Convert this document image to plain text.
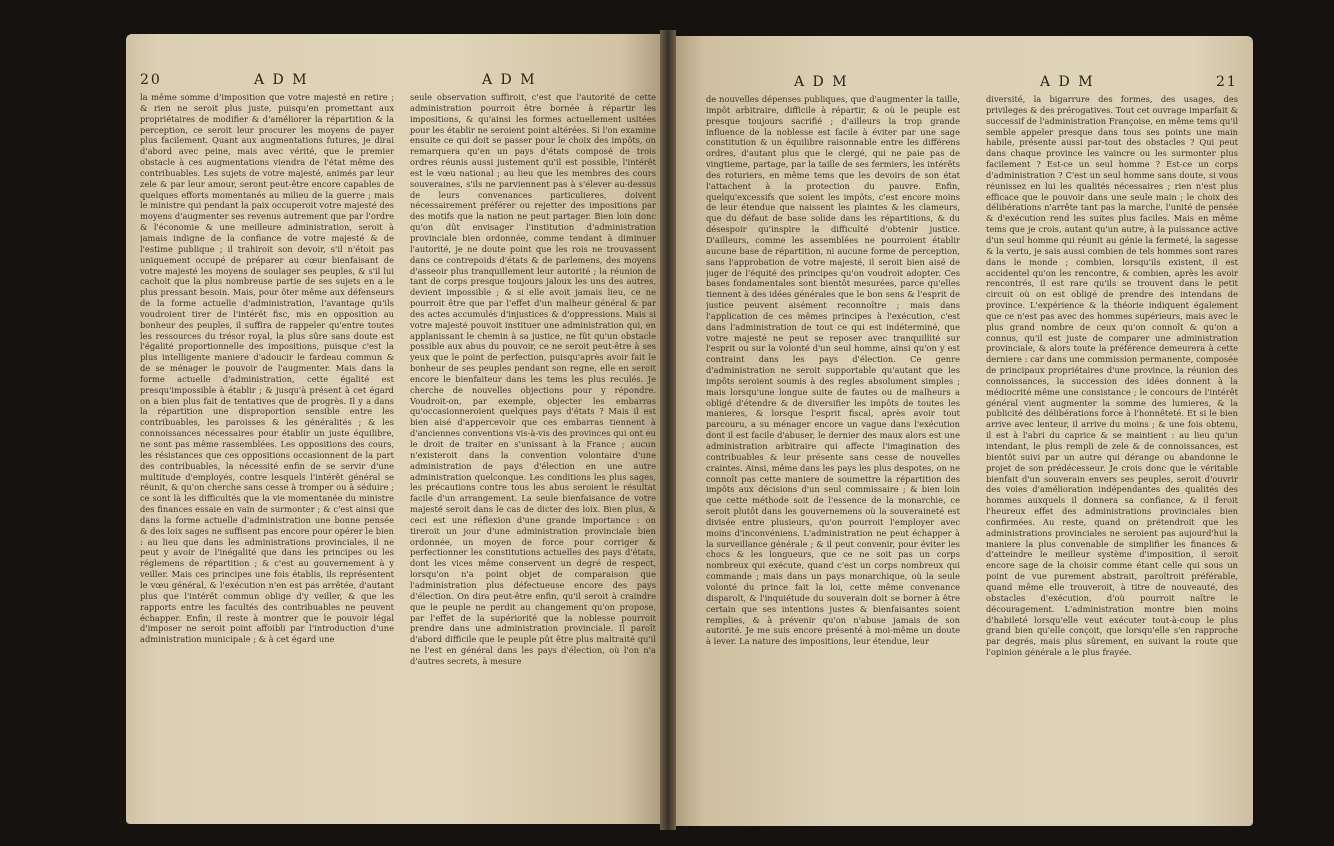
20	A D M	A D M

la même somme d'imposition que votre majesté en retire ; & rien ne seroit plus juste, puisqu'en promettant aux propriétaires de modifier & d'améliorer la répartition & la perception, ce seroit leur procurer les moyens de payer plus facilement. Quant aux augmentations futures, je dirai d'abord avec peine, mais avec vérité, que le premier obstacle à ces augmentations viendra de l'état même des contribuables. Les sujets de votre majesté, animés par leur zele & par leur amour, seront peut-être encore capables de quelques efforts momentanés au milieu de la guerre ; mais le ministre qui pendant la paix occuperoit votre majesté des moyens d'augmenter ses revenus autrement que par l'ordre & l'économie & une meilleure administration, seroit à jamais indigne de la confiance de votre majesté & de l'estime publique ; il trahiroit son devoir, s'il n'étoit pas uniquement occupé de préparer au cœur bienfaisant de votre majesté les moyens de soulager ses peuples, & s'il lui cachoit que la plus nombreuse partie de ses sujets en a le plus pressant besoin. Mais, pour ôter même aux défenseurs de la forme actuelle d'administration, l'avantage qu'ils voudroient tirer de l'intérêt fisc, mis en opposition au bonheur des peuples, il suffira de rappeler qu'entre toutes les ressources du trésor royal, la plus sûre sans doute est l'égalité proportionnelle des impositions, puisque c'est la plus intelligente maniere d'adoucir le fardeau commun & de se ménager le pouvoir de l'augmenter. Mais dans la forme actuelle d'administration, cette égalité est presqu'impossible à établir ; & jusqu'à présent à cet égard on a bien plus fait de tentatives que de progrès. Il y a dans la répartition une disproportion sensible entre les contribuables, les paroisses & les généralités ; & les connoissances nécessaires pour établir un juste équilibre, ne sont pas même rassemblées. Les oppositions des cours, les résistances que ces oppositions occasionnent de la part des contribuables, la nécessité enfin de se servir d'une multitude d'employés, contre lesquels l'intérêt général se réunit, & qu'on cherche sans cesse à tromper ou à séduire ; ce sont là les difficultés que la vie momentanée du ministre des finances essaie en vain de surmonter ; & c'est ainsi que dans la forme actuelle d'administration une bonne pensée & des loix sages ne suffisent pas encore pour opérer le bien : au lieu que dans les administrations provinciales, il ne peut y avoir de l'inégalité que dans les principes ou les réglemens de répartition ; & c'est au gouvernement à y veiller. Mais ces principes une fois établis, ils représentent le vœu général, & l'exécution n'en est pas arrêtée, d'autant plus que l'intérêt commun oblige d'y veiller, & que les rapports entre les facultés des contribuables ne peuvent échapper. Enfin, il reste à montrer que le pouvoir légal d'imposer ne seroit point affoibli par l'introduction d'une administration municipale ; & à cet égard une

seule observation suffiroit, c'est que l'autorité de cette administration pourroit être bornée à répartir les impositions, & qu'ainsi les formes actuellement usitées pour les établir ne seroient point altérées. Si l'on examine ensuite ce qui doit se passer pour le choix des impôts, on remarquera qu'en un pays d'états composé de trois ordres réunis aussi justement qu'il est possible, l'intérêt est le vœu national ; au lieu que les membres des cours souveraines, s'ils ne parviennent pas à s'élever au-dessus de leurs convenances particulieres, doivent nécessairement préférer ou rejetter des impositions par des motifs que la nation ne peut partager. Bien loin donc qu'on dût envisager l'institution d'administration provinciale bien ordonnée, comme tendant à diminuer l'autorité, je ne doute point que les rois ne trouvassent dans ce contrepoids d'états & de parlemens, des moyens d'asseoir plus tranquillement leur autorité ; la réunion de tant de corps presque toujours jaloux les uns des autres, devient impossible ; & si elle avoit jamais lieu, ce ne pourroit être que par l'effet d'un malheur général & par des actes accumulés d'injustices & d'oppressions. Mais si votre majesté pouvoit instituer une administration qui, en applanissant le chemin à sa justice, ne fût qu'un obstacle possible aux abus du pouvoir, ce ne seroit peut-être à ses yeux que le point de perfection, puisqu'après avoir fait le bonheur de ses peuples pendant son regne, elle en seroit encore le bienfaiteur dans les tems les plus reculés. Je cherche de nouvelles objections pour y répondre. Voudroit-on, par exemple, objecter les embarras qu'occasionneroient quelques pays d'états ? Mais il est bien aisé d'appercevoir que ces embarras tiennent à d'anciennes conventions vis-à-vis des provinces qui ont eu le droit de traiter en s'unissant à la France ; aucun n'existeroit dans la convention volontaire d'une administration de pays d'élection en une autre administration quelconque. Les conditions les plus sages, les précautions contre tous les abus seroient le résultat facile d'un arrangement. La seule bienfaisance de votre majesté seroit dans le cas de dicter des loix. Bien plus, & ceci est une réflexion d'une grande importance : on tireroit un jour d'une administration provinciale bien ordonnée, un moyen de force pour corriger & perfectionner les constitutions actuelles des pays d'états, dont les vices même conservent un degré de respect, lorsqu'on n'a point objet de comparaison que l'administration plus défectueuse encore des pays d'élection. On dira peut-être enfin, qu'il seroit à craindre que le peuple ne perdit au changement qu'on propose, par l'effet de la supériorité que la noblesse pourroit prendre dans une administration provinciale. Il paroît d'abord difficile que le peuple pût être plus maltraité qu'il ne l'est en général dans les pays d'élection, où l'on n'a d'autres secrets, à mesure

A D M	A D M	21

de nouvelles dépenses publiques, que d'augmenter la taille, impôt arbitraire, difficile à répartir, & où le peuple est presque toujours sacrifié ; d'ailleurs la trop grande influence de la noblesse est facile à éviter par une sage constitution & un équilibre raisonnable entre les différens ordres, d'autant plus que le clergé, qui ne paie pas de vingtieme, partage, par la taille de ses fermiers, les intérêts des roturiers, en même tems que les devoirs de son état l'attachent à la protection du pauvre. Enfin, quelqu'excessifs que soient les impôts, c'est encore moins de leur étendue que naissent les plaintes & les clameurs, que du défaut de base solide dans les répartitions, & du désespoir qu'inspire la difficulté d'obtenir justice. D'ailleurs, comme les assemblées ne pourroient établir aucune base de répartition, ni aucune forme de perception, sans l'approbation de votre majesté, il seroit bien aisé de juger de l'équité des principes qu'on voudroit adopter. Ces bases fondamentales sont bientôt mesurées, parce qu'elles tiennent à des idées générales que le bon sens & l'esprit de justice peuvent aisément reconnoître ; mais dans l'application de ces mêmes principes à l'exécution, c'est dans l'administration de tout ce qui est indéterminé, que votre majesté ne peut se reposer avec tranquillité sur l'esprit ou sur la volonté d'un seul homme, ainsi qu'on y est contraint dans les pays d'élection. Ce genre d'administration ne seroit supportable qu'autant que les impôts seroient soumis à des regles absolument simples ; mais lorsqu'une longue suite de fautes ou de malheurs a obligé d'étendre & de diversifier les impôts de toutes les manieres, & lorsque l'esprit fiscal, après avoir tout parcouru, a su ménager encore un vague dans l'exécution dont il est facile d'abuser, le dernier des maux alors est une administration arbitraire qui affecte l'imagination des contribuables & leur présente sans cesse de nouvelles craintes. Ainsi, même dans les pays les plus despotes, on ne connoît pas cette maniere de soumettre la répartition des impôts aux décisions d'un seul commissaire ; & bien loin que cette méthode soit de l'essence de la monarchie, ce seroit plutôt dans les gouvernemens où la souveraineté est divisée entre plusieurs, qu'on pourroit l'employer avec moins d'inconvéniens. L'administration ne peut échapper à la surveillance générale ; & il peut convenir, pour éviter les chocs & les longueurs, que ce ne soit pas un corps nombreux qui exécute, quand c'est un corps nombreux qui commande ; mais dans un pays monarchique, où la seule volonté du prince fait la loi, cette même convenance disparoît, & l'inquiétude du souverain doit se borner à être certain que ses intentions justes & bienfaisantes soient remplies, & à prévenir qu'on n'abuse jamais de son autorité. Je me suis encore présenté à moi-même un doute à lever. La nature des impositions, leur étendue, leur

diversité, la bigarrure des formes, des usages, des privileges & des prérogatives. Tout cet ouvrage imparfait & successif de l'administration Françoise, en même tems qu'il semble appeler presque dans tous ses points une main habile, présente aussi par-tout des obstacles ? Qui peut dans chaque province les vaincre ou les surmonter plus facilement ? Est-ce un seul homme ? Est-ce un corps d'administration ? C'est un seul homme sans doute, si vous réunissez en lui les qualités nécessaires ; rien n'est plus efficace que le pouvoir dans une seule main ; le choix des délibérations n'arrête tant pas la marche, l'unité de pensée & d'exécution rend les suites plus faciles. Mais en même tems que je crois, autant qu'un autre, à la puissance active d'un seul homme qui réunit au génie la fermeté, la sagesse & la vertu, je sais aussi combien de tels hommes sont rares dans le monde ; combien, lorsqu'ils existent, il est accidentel qu'on les rencontre, & combien, après les avoir rencontrés, il est rare qu'ils se trouvent dans le petit circuit où on est obligé de prendre des intendans de province. L'expérience & la théorie indiquent également que ce n'est pas avec des hommes supérieurs, mais avec le plus grand nombre de ceux qu'on connoît & qu'on a connus, qu'il est juste de comparer une administration provinciale, & alors toute la préférence demeurera à cette derniere : car dans une commission permanente, composée de principaux propriétaires d'une province, la réunion des connoissances, la succession des idées donnent à la médiocrité même une consistance ; le concours de l'intérêt général vient augmenter la somme des lumieres, & la publicité des délibérations force à l'honnêteté. Et si le bien arrive avec lenteur, il arrive du moins ; & une fois obtenu, il est à l'abri du caprice & se maintient : au lieu qu'un intendant, le plus rempli de zele & de connoissances, est bientôt suivi par un autre qui dérange ou abandonne le projet de son prédécesseur. Je crois donc que le véritable bienfait d'un souverain envers ses peuples, seroit d'ouvrir des voies d'amélioration indépendantes des qualités des hommes auxquels il donnera sa confiance, & il feroit l'heureux effet des administrations provinciales bien confirmées. Au reste, quand on prétendroit que les administrations provinciales ne seroient pas aujourd'hui la maniere la plus convenable de simplifier les finances & d'atteindre le meilleur système d'imposition, il seroit encore sage de la choisir comme étant celle qui sous un point de vue purement abstrait, paroîtroit préférable, quand même elle trouveroit, à titre de nouveauté, des obstacles d'exécution, d'où pourroit naître le découragement. L'administration montre bien moins d'habileté lorsqu'elle veut exécuter tout-à-coup le plus grand bien qu'elle conçoit, que lorsqu'elle s'en rapproche par degrés, mais plus sûrement, en suivant la route que l'opinion générale a le plus frayée.
